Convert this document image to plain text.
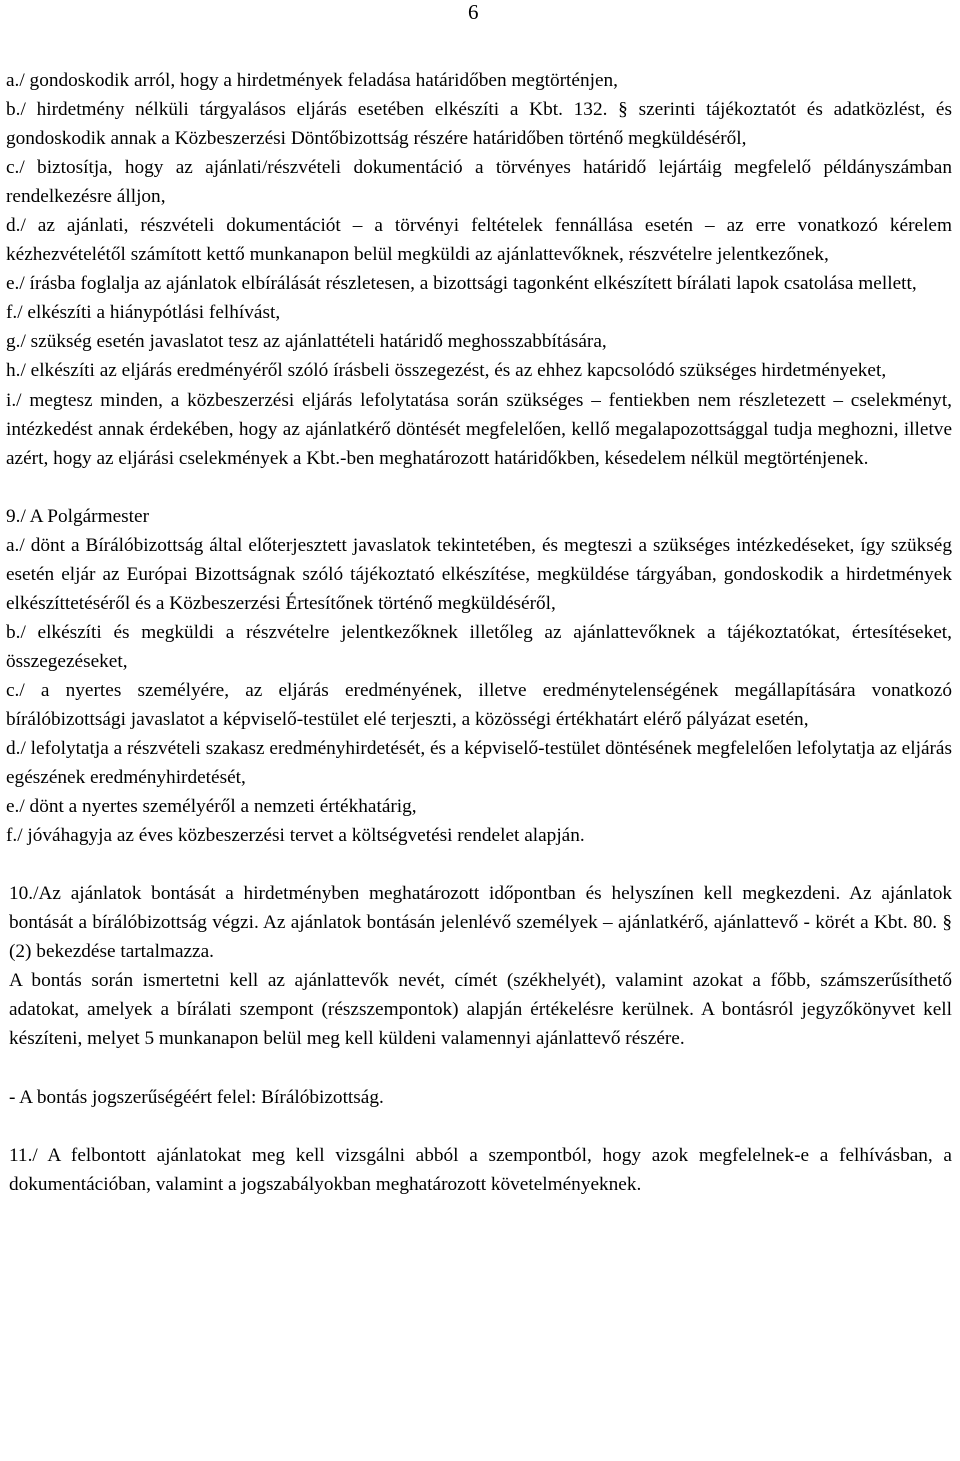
6

a./ gondoskodik arról, hogy a hirdetmények feladása határidőben megtörténjen,

b./ hirdetmény nélküli tárgyalásos eljárás esetében elkészíti a Kbt. 132. § szerinti tájékoztatót és adatközlést, és gondoskodik annak a Közbeszerzési Döntőbizottság részére határidőben történő megküldéséről,

c./ biztosítja, hogy az ajánlati/részvételi dokumentáció a törvényes határidő lejártáig megfelelő példányszámban rendelkezésre álljon,

d./ az ajánlati, részvételi dokumentációt – a törvényi feltételek fennállása esetén – az erre vonatkozó kérelem kézhezvételétől számított kettő munkanapon belül megküldi az ajánlattevőknek, részvételre jelentkezőnek,

e./ írásba foglalja az ajánlatok elbírálását részletesen, a bizottsági tagonként elkészített bírálati lapok csatolása mellett,

f./ elkészíti a hiánypótlási felhívást,

g./ szükség esetén javaslatot tesz az ajánlattételi határidő meghosszabbítására,

h./ elkészíti az eljárás eredményéről szóló írásbeli összegezést, és az ehhez kapcsolódó szükséges hirdetményeket,

i./ megtesz minden, a közbeszerzési eljárás lefolytatása során szükséges – fentiekben nem részletezett – cselekményt, intézkedést annak érdekében, hogy az ajánlatkérő döntését megfelelően, kellő megalapozottsággal tudja meghozni, illetve azért, hogy az eljárási cselekmények a Kbt.-ben meghatározott határidőkben, késedelem nélkül megtörténjenek.

9./ A Polgármester

a./ dönt a Bírálóbizottság által előterjesztett javaslatok tekintetében, és megteszi a szükséges intézkedéseket, így szükség esetén eljár az Európai Bizottságnak szóló tájékoztató elkészítése, megküldése tárgyában, gondoskodik a hirdetmények elkészíttetéséről és a Közbeszerzési Értesítőnek történő megküldéséről,

b./ elkészíti és megküldi a részvételre jelentkezőknek illetőleg az ajánlattevőknek a tájékoztatókat, értesítéseket, összegezéseket,

c./ a nyertes személyére, az eljárás eredményének, illetve eredménytelenségének megállapítására vonatkozó bírálóbizottsági javaslatot a képviselő-testület elé terjeszti, a közösségi értékhatárt elérő pályázat esetén,

d./ lefolytatja a részvételi szakasz eredményhirdetését, és a képviselő-testület döntésének megfelelően lefolytatja az eljárás egészének eredményhirdetését,

e./ dönt a nyertes személyéről a nemzeti értékhatárig,

f./ jóváhagyja az éves közbeszerzési tervet a költségvetési rendelet alapján.

10./Az ajánlatok bontását a hirdetményben meghatározott időpontban és helyszínen kell megkezdeni. Az ajánlatok bontását a bírálóbizottság végzi. Az ajánlatok bontásán jelenlévő személyek – ajánlatkérő, ajánlattevő - körét a Kbt. 80. § (2) bekezdése tartalmazza.

A bontás során ismertetni kell az ajánlattevők nevét, címét (székhelyét), valamint azokat a főbb, számszerűsíthető adatokat, amelyek a bírálati szempont (részszempontok) alapján értékelésre kerülnek. A bontásról jegyzőkönyvet kell készíteni, melyet 5 munkanapon belül meg kell küldeni valamennyi ajánlattevő részére.

- A bontás jogszerűségéért felel: Bírálóbizottság.

11./ A felbontott ajánlatokat meg kell vizsgálni abból a szempontból, hogy azok megfelelnek-e a felhívásban, a dokumentációban, valamint a jogszabályokban meghatározott követelményeknek.
